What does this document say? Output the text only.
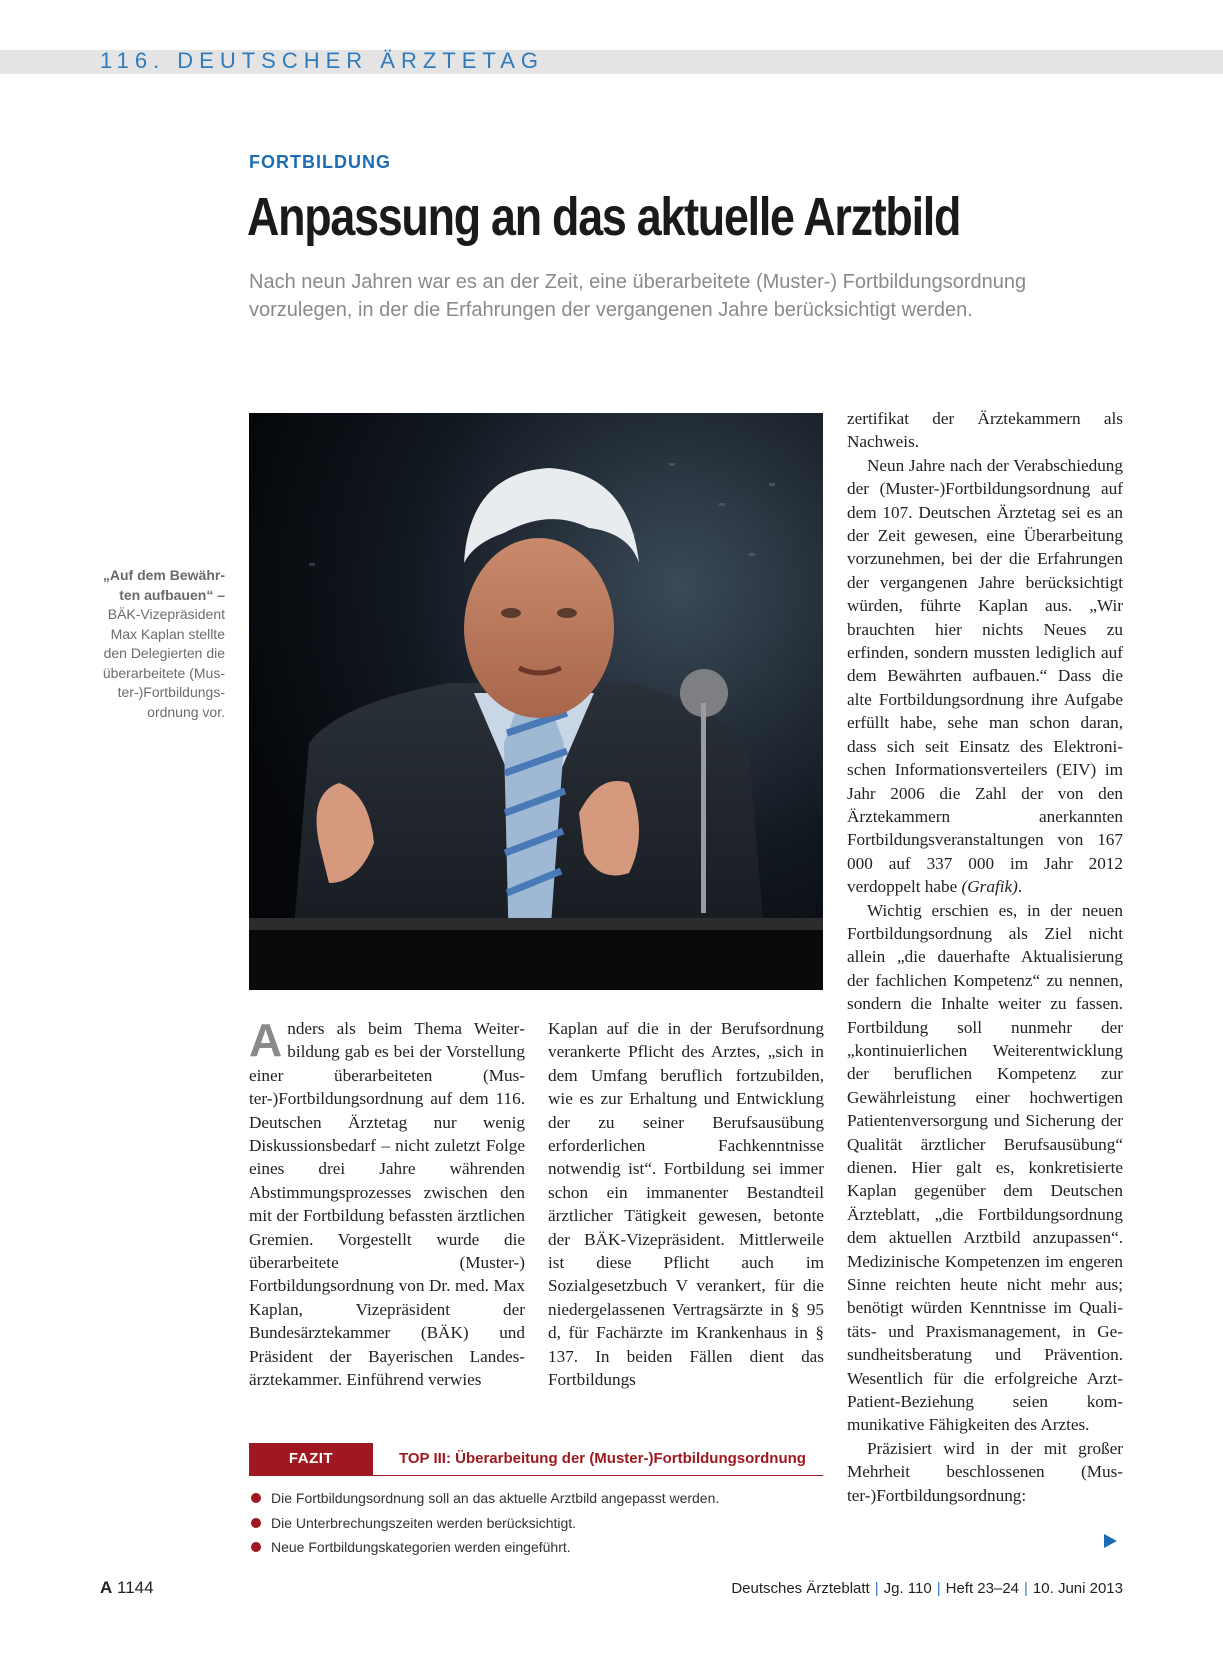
116. DEUTSCHER ÄRZTETAG
FORTBILDUNG
Anpassung an das aktuelle Arztbild

Nach neun Jahren war es an der Zeit, eine überarbeitete (Muster-) Fortbildungsordnung vorzulegen, in der die Erfahrungen der vergangenen Jahre berücksichtigt werden.

„Auf dem Bewährten aufbauen“ – BÄK-Vizepräsident Max Kaplan stellte den Delegierten die überarbeitete (Muster-)Fortbildungsordnung vor.

Anders als beim Thema Weiterbildung gab es bei der Vorstellung einer überarbeiteten (Muster-)Fortbildungsordnung auf dem 116. Deutschen Ärztetag nur wenig Diskussionsbedarf – nicht zuletzt Folge eines drei Jahre währenden Abstimmungsprozesses zwischen den mit der Fortbildung befassten ärztlichen Gremien. Vorgestellt wurde die überarbeitete (Muster-) Fortbildungsordnung von Dr. med. Max Kaplan, Vizepräsident der Bundesärztekammer (BÄK) und Präsident der Bayerischen Landesärztekammer. Einführend verwies

Kaplan auf die in der Berufsordnung verankerte Pflicht des Arztes, „sich in dem Umfang beruflich fortzubilden, wie es zur Erhaltung und Entwicklung der zu seiner Berufsausübung erforderlichen Fachkenntnisse notwendig ist“. Fortbildung sei immer schon ein immanenter Bestandteil ärztlicher Tätigkeit gewesen, betonte der BÄK-Vizepräsident. Mittlerweile ist diese Pflicht auch im Sozialgesetzbuch V verankert, für die niedergelassenen Vertragsärzte in § 95 d, für Fachärzte im Krankenhaus in § 137. In beiden Fällen dient das Fortbildungs

zertifikat der Ärztekammern als Nachweis.

Neun Jahre nach der Verabschiedung der (Muster-)Fortbildungsordnung auf dem 107. Deutschen Ärztetag sei es an der Zeit gewesen, eine Überarbeitung vorzunehmen, bei der die Erfahrungen der vergangenen Jahre berücksichtigt würden, führte Kaplan aus. „Wir brauchten hier nichts Neues zu erfinden, sondern mussten lediglich auf dem Bewährten aufbauen.“ Dass die alte Fortbildungsordnung ihre Aufgabe erfüllt habe, sehe man schon daran, dass sich seit Einsatz des Elektronischen Informationsverteilers (EIV) im Jahr 2006 die Zahl der von den Ärztekammern anerkannten Fortbildungsveranstaltungen von 167 000 auf 337 000 im Jahr 2012 verdoppelt habe (Grafik).

Wichtig erschien es, in der neuen Fortbildungsordnung als Ziel nicht allein „die dauerhafte Aktualisierung der fachlichen Kompetenz“ zu nennen, sondern die Inhalte weiter zu fassen. Fortbildung soll nunmehr der „kontinuierlichen Weiterentwicklung der beruflichen Kompetenz zur Gewährleistung einer hochwertigen Patientenversorgung und Sicherung der Qualität ärztlicher Berufsausübung“ dienen. Hier galt es, konkretisierte Kaplan gegenüber dem Deutschen Ärzteblatt, „die Fortbildungsordnung dem aktuellen Arztbild anzupassen“. Medizinische Kompetenzen im engeren Sinne reichten heute nicht mehr aus; benötigt würden Kenntnisse im Qualitäts- und Praxismanagement, in Gesundheitsberatung und Prävention. Wesentlich für die erfolgreiche Arzt-Patient-Beziehung seien kommunikative Fähigkeiten des Arztes.

Präzisiert wird in der mit großer Mehrheit beschlossenen (Muster-)Fortbildungsordnung:

FAZIT	TOP III: Überarbeitung der (Muster-)Fortbildungsordnung
Die Fortbildungsordnung soll an das aktuelle Arztbild angepasst werden.
Die Unterbrechungszeiten werden berücksichtigt.
Neue Fortbildungskategorien werden eingeführt.
A 1144	Deutsches Ärzteblatt | Jg. 110 | Heft 23–24 | 10. Juni 2013
